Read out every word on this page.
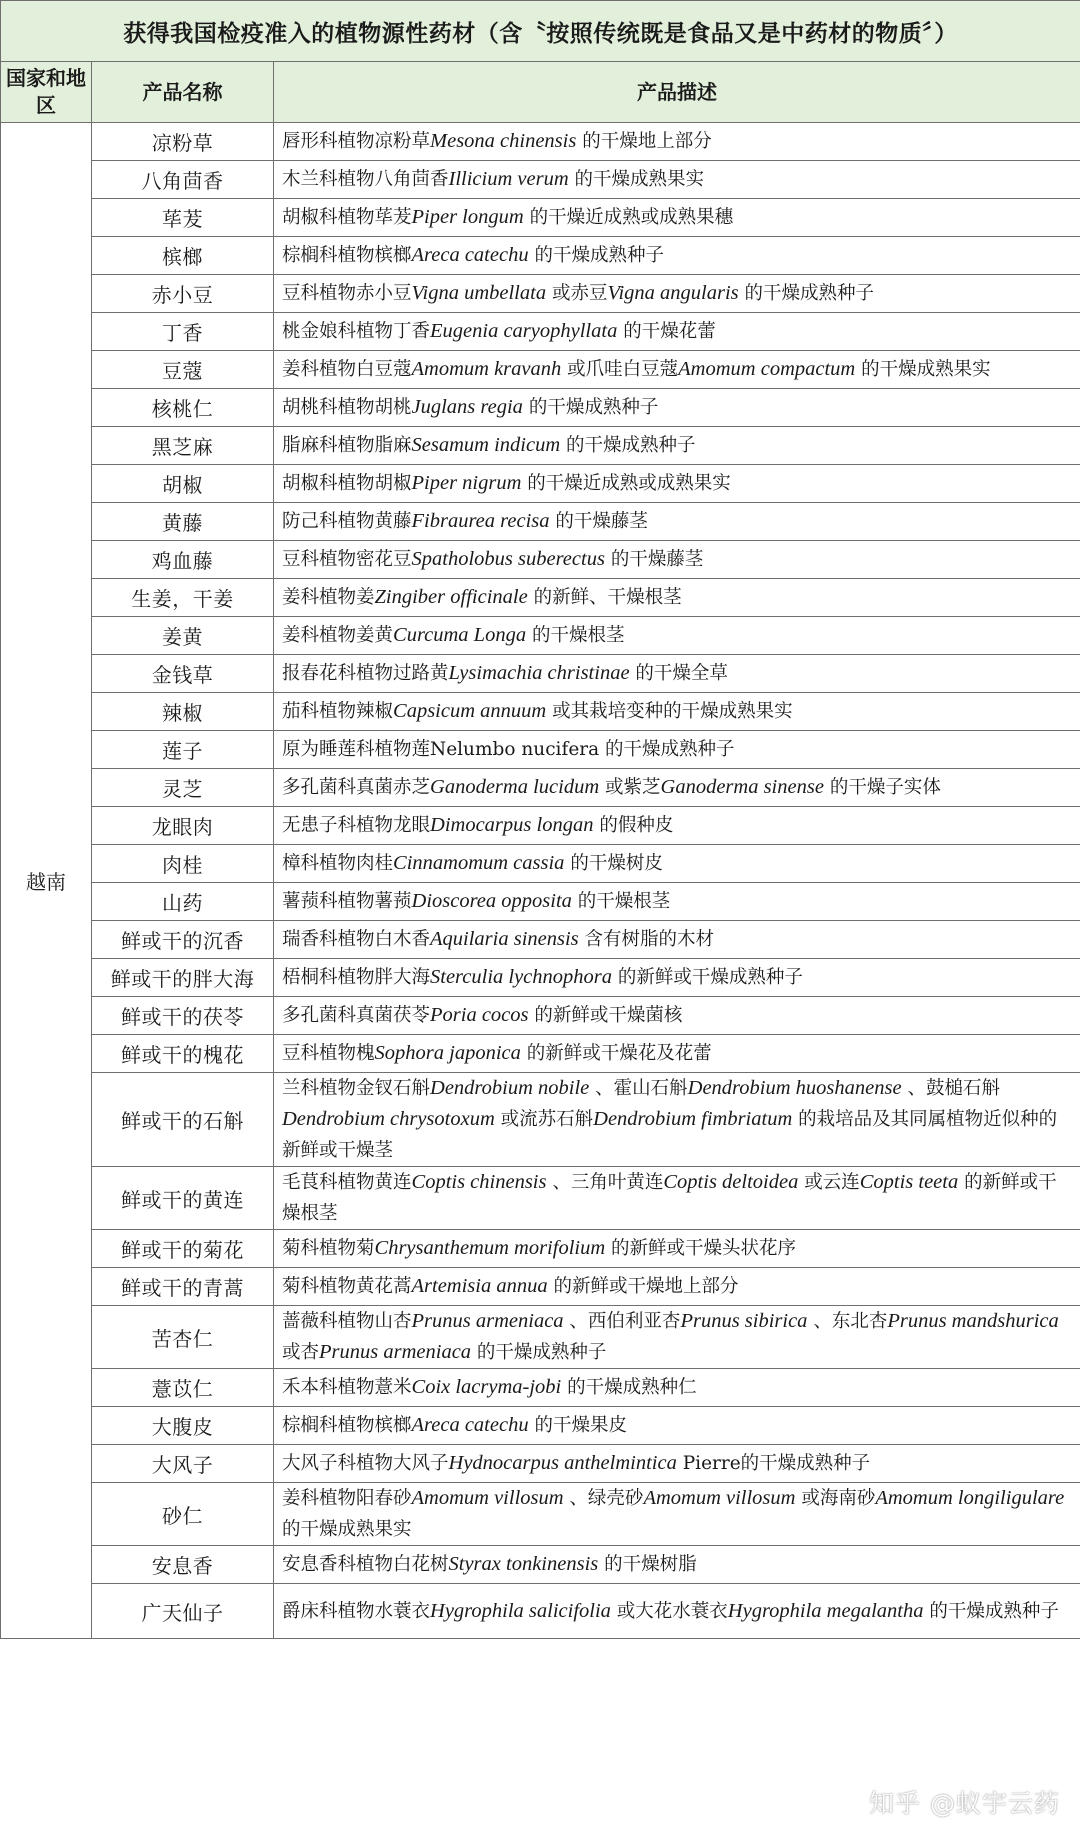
获得我国检疫准入的植物源性药材（含〝按照传统既是食品又是中药材的物质〞）		
国家和地区	产品名称	产品描述
越南	凉粉草	唇形科植物凉粉草Mesona chinensis 的干燥地上部分

	八角茴香	木兰科植物八角茴香Illicium verum 的干燥成熟果实

	荜茇	胡椒科植物荜茇Piper longum 的干燥近成熟或成熟果穗

	槟榔	棕榈科植物槟榔Areca catechu 的干燥成熟种子

	赤小豆	豆科植物赤小豆Vigna umbellata 或赤豆Vigna angularis 的干燥成熟种子

	丁香	桃金娘科植物丁香Eugenia caryophyllata 的干燥花蕾

	豆蔻	姜科植物白豆蔻Amomum kravanh 或爪哇白豆蔻Amomum compactum 的干燥成熟果实

	核桃仁	胡桃科植物胡桃Juglans regia 的干燥成熟种子

	黑芝麻	脂麻科植物脂麻Sesamum indicum 的干燥成熟种子

	胡椒	胡椒科植物胡椒Piper nigrum 的干燥近成熟或成熟果实

	黄藤	防己科植物黄藤Fibraurea recisa 的干燥藤茎

	鸡血藤	豆科植物密花豆Spatholobus suberectus 的干燥藤茎

	生姜，干姜	姜科植物姜Zingiber officinale 的新鲜、干燥根茎

	姜黄	姜科植物姜黄Curcuma Longa 的干燥根茎

	金钱草	报春花科植物过路黄Lysimachia christinae 的干燥全草

	辣椒	茄科植物辣椒Capsicum annuum 或其栽培变种的干燥成熟果实

	莲子	原为睡莲科植物莲Nelumbo nucifera 的干燥成熟种子

	灵芝	多孔菌科真菌赤芝Ganoderma lucidum 或紫芝Ganoderma sinense 的干燥子实体

	龙眼肉	无患子科植物龙眼Dimocarpus longan 的假种皮

	肉桂	樟科植物肉桂Cinnamomum cassia 的干燥树皮

	山药	薯蓣科植物薯蓣Dioscorea opposita 的干燥根茎

	鲜或干的沉香	瑞香科植物白木香Aquilaria sinensis 含有树脂的木材

	鲜或干的胖大海	梧桐科植物胖大海Sterculia lychnophora 的新鲜或干燥成熟种子

	鲜或干的茯苓	多孔菌科真菌茯苓Poria cocos 的新鲜或干燥菌核

	鲜或干的槐花	豆科植物槐Sophora japonica 的新鲜或干燥花及花蕾

	鲜或干的石斛	兰科植物金钗石斛Dendrobium nobile 、霍山石斛Dendrobium huoshanense 、鼓槌石斛Dendrobium chrysotoxum 或流苏石斛Dendrobium fimbriatum 的栽培品及其同属植物近似种的新鲜或干燥茎

	鲜或干的黄连	毛茛科植物黄连Coptis chinensis 、三角叶黄连Coptis deltoidea 或云连Coptis teeta 的新鲜或干燥根茎

	鲜或干的菊花	菊科植物菊Chrysanthemum morifolium 的新鲜或干燥头状花序

	鲜或干的青蒿	菊科植物黄花蒿Artemisia annua 的新鲜或干燥地上部分

	苦杏仁	蔷薇科植物山杏Prunus armeniaca 、西伯利亚杏Prunus sibirica 、东北杏Prunus mandshurica 或杏Prunus armeniaca 的干燥成熟种子

	薏苡仁	禾本科植物薏米Coix lacryma-jobi 的干燥成熟种仁

	大腹皮	棕榈科植物槟榔Areca catechu 的干燥果皮

	大风子	大风子科植物大风子Hydnocarpus anthelmintica Pierre的干燥成熟种子

	砂仁	姜科植物阳春砂Amomum villosum 、绿壳砂Amomum villosum 或海南砂Amomum longiligulare 的干燥成熟果实

	安息香	安息香科植物白花树Styrax tonkinensis 的干燥树脂

	广天仙子	爵床科植物水蓑衣Hygrophila salicifolia 或大花水蓑衣Hygrophila megalantha 的干燥成熟种子
知乎 @蚁宇云药
